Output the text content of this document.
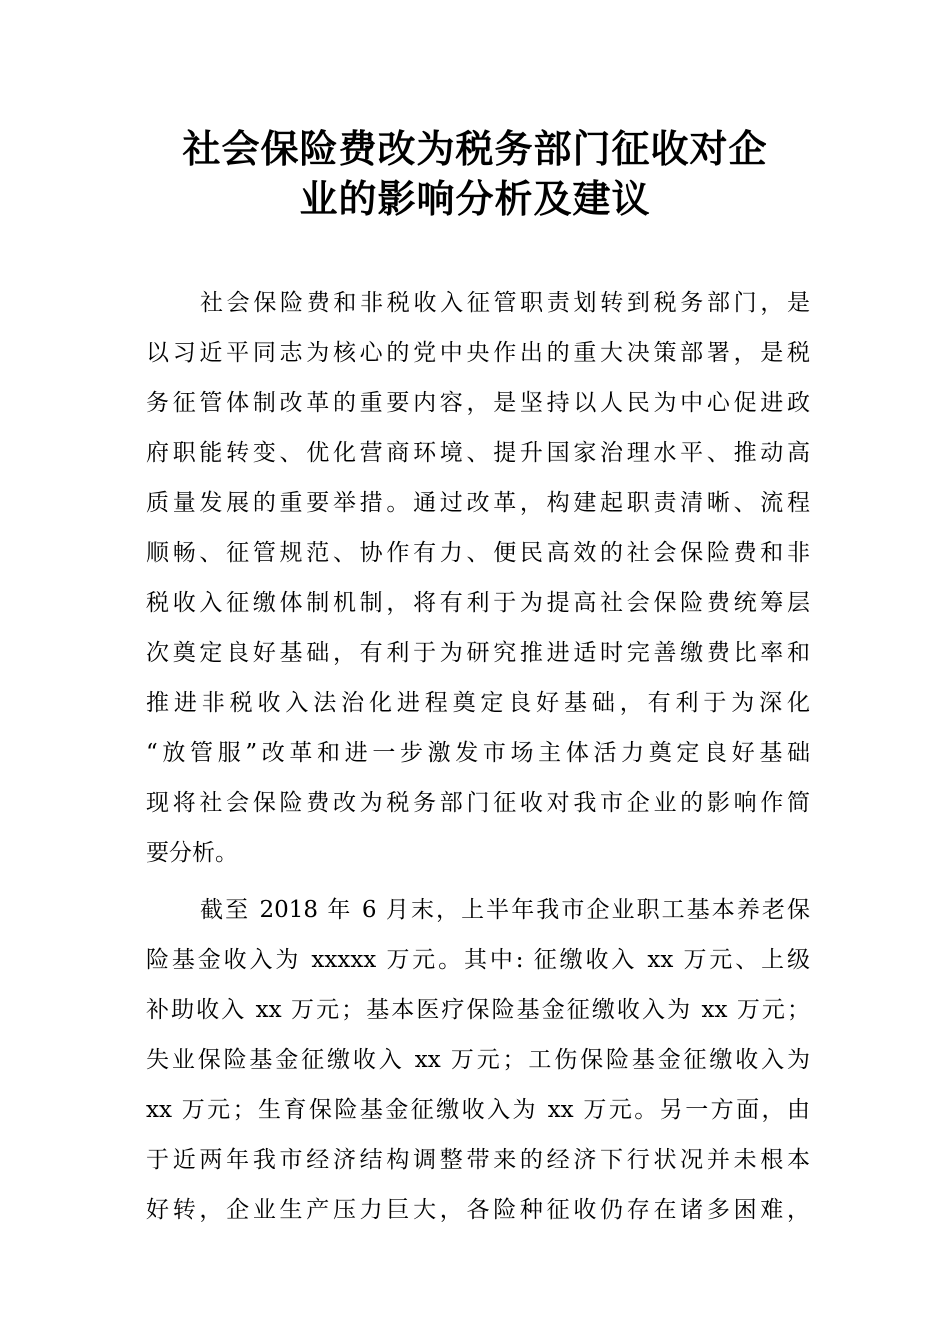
社会保险费改为税务部门征收对企
业的影响分析及建议
社会保险费和非税收入征管职责划转到税务部门，是
以习近平同志为核心的党中央作出的重大决策部署，是税
务征管体制改革的重要内容，是坚持以人民为中心促进政
府职能转变、优化营商环境、提升国家治理水平、推动高
质量发展的重要举措。通过改革，构建起职责清晰、流程
顺畅、征管规范、协作有力、便民高效的社会保险费和非
税收入征缴体制机制，将有利于为提高社会保险费统筹层
次奠定良好基础，有利于为研究推进适时完善缴费比率和
推进非税收入法治化进程奠定良好基础，有利于为深化
“放管服”改革和进一步激发市场主体活力奠定良好基础
现将社会保险费改为税务部门征收对我市企业的影响作简
要分析。
截至 2018 年 6 月末，上半年我市企业职工基本养老保
险基金收入为 xxxxx 万元。其中: 征缴收入 xx 万元、上级
补助收入 xx 万元；基本医疗保险基金征缴收入为 xx 万元；
失业保险基金征缴收入 xx 万元；工伤保险基金征缴收入为
xx 万元；生育保险基金征缴收入为 xx 万元。另一方面，由
于近两年我市经济结构调整带来的经济下行状况并未根本
好转，企业生产压力巨大，各险种征收仍存在诸多困难，
